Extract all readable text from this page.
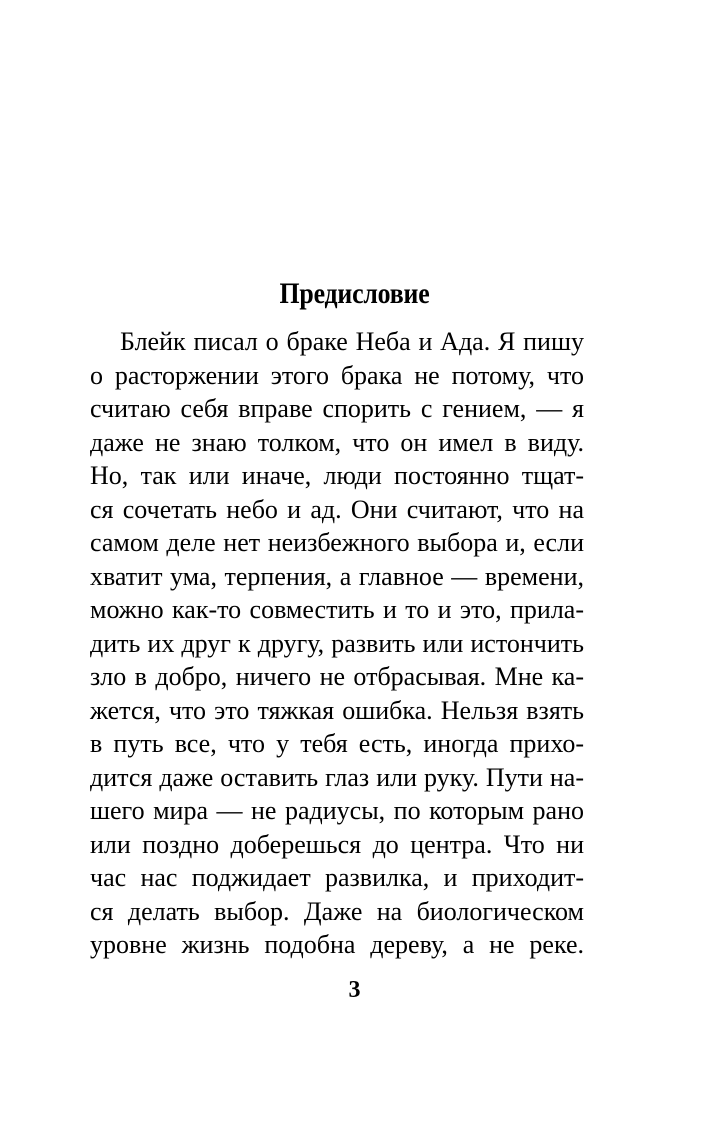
Предисловие
Блейк писал о браке Неба и Ада. Я пишу
о расторжении этого брака не потому, что
считаю себя вправе спорить с гением, — я
даже не знаю толком, что он имел в виду.
Но, так или иначе, люди постоянно тщат-
ся сочетать небо и ад. Они считают, что на
самом деле нет неизбежного выбора и, если
хватит ума, терпения, а главное — времени,
можно как-то совместить и то и это, прила-
дить их друг к другу, развить или истончить
зло в добро, ничего не отбрасывая. Мне ка-
жется, что это тяжкая ошибка. Нельзя взять
в путь все, что у тебя есть, иногда прихо-
дится даже оставить глаз или руку. Пути на-
шего мира — не радиусы, по которым рано
или поздно доберешься до центра. Что ни
час нас поджидает развилка, и приходит-
ся делать выбор. Даже на биологическом
уровне жизнь подобна дереву, а не реке.
3
